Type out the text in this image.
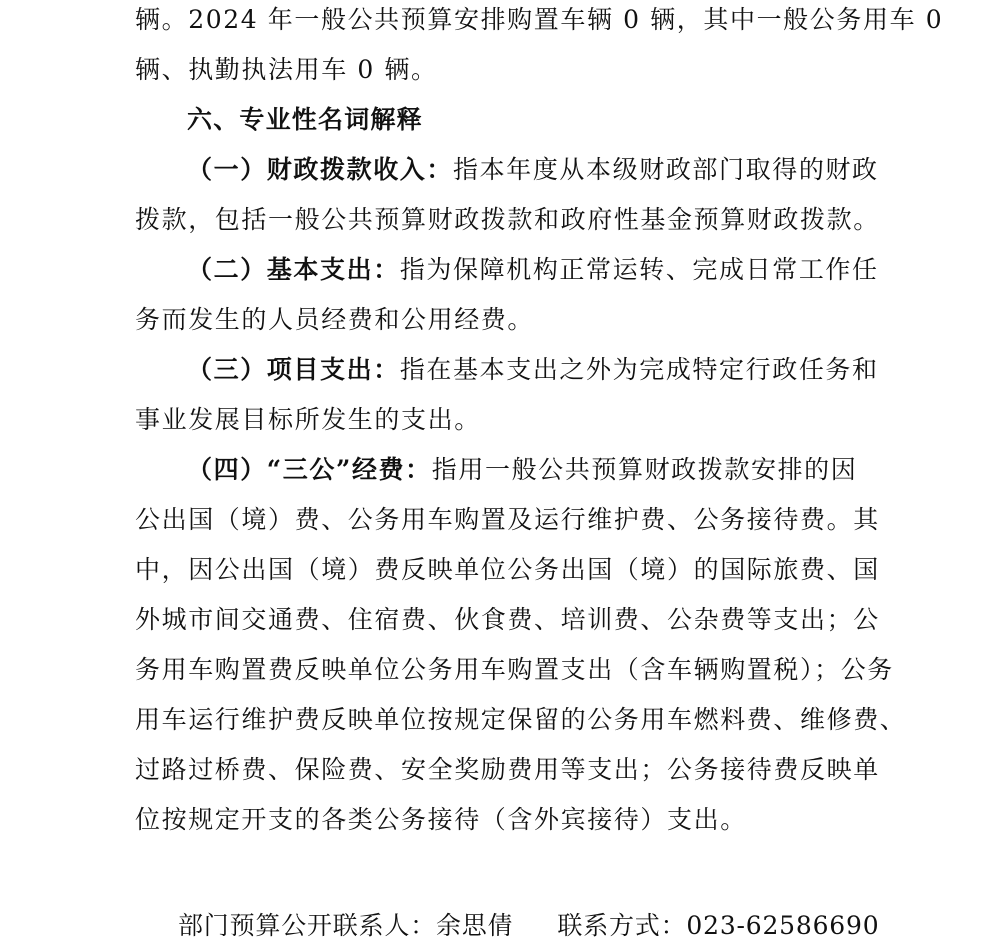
辆。2024 年一般公共预算安排购置车辆 0 辆，其中一般公务用车 0
辆、执勤执法用车 0 辆。
六、专业性名词解释
（一）财政拨款收入：指本年度从本级财政部门取得的财政
拨款，包括一般公共预算财政拨款和政府性基金预算财政拨款。
（二）基本支出：指为保障机构正常运转、完成日常工作任
务而发生的人员经费和公用经费。
（三）项目支出：指在基本支出之外为完成特定行政任务和
事业发展目标所发生的支出。
（四）“三公”经费：指用一般公共预算财政拨款安排的因
公出国（境）费、公务用车购置及运行维护费、公务接待费。其
中，因公出国（境）费反映单位公务出国（境）的国际旅费、国
外城市间交通费、住宿费、伙食费、培训费、公杂费等支出；公
务用车购置费反映单位公务用车购置支出（含车辆购置税）；公务
用车运行维护费反映单位按规定保留的公务用车燃料费、维修费、
过路过桥费、保险费、安全奖励费用等支出；公务接待费反映单
位按规定开支的各类公务接待（含外宾接待）支出。
部门预算公开联系人：余思倩 联系方式：023-62586690
